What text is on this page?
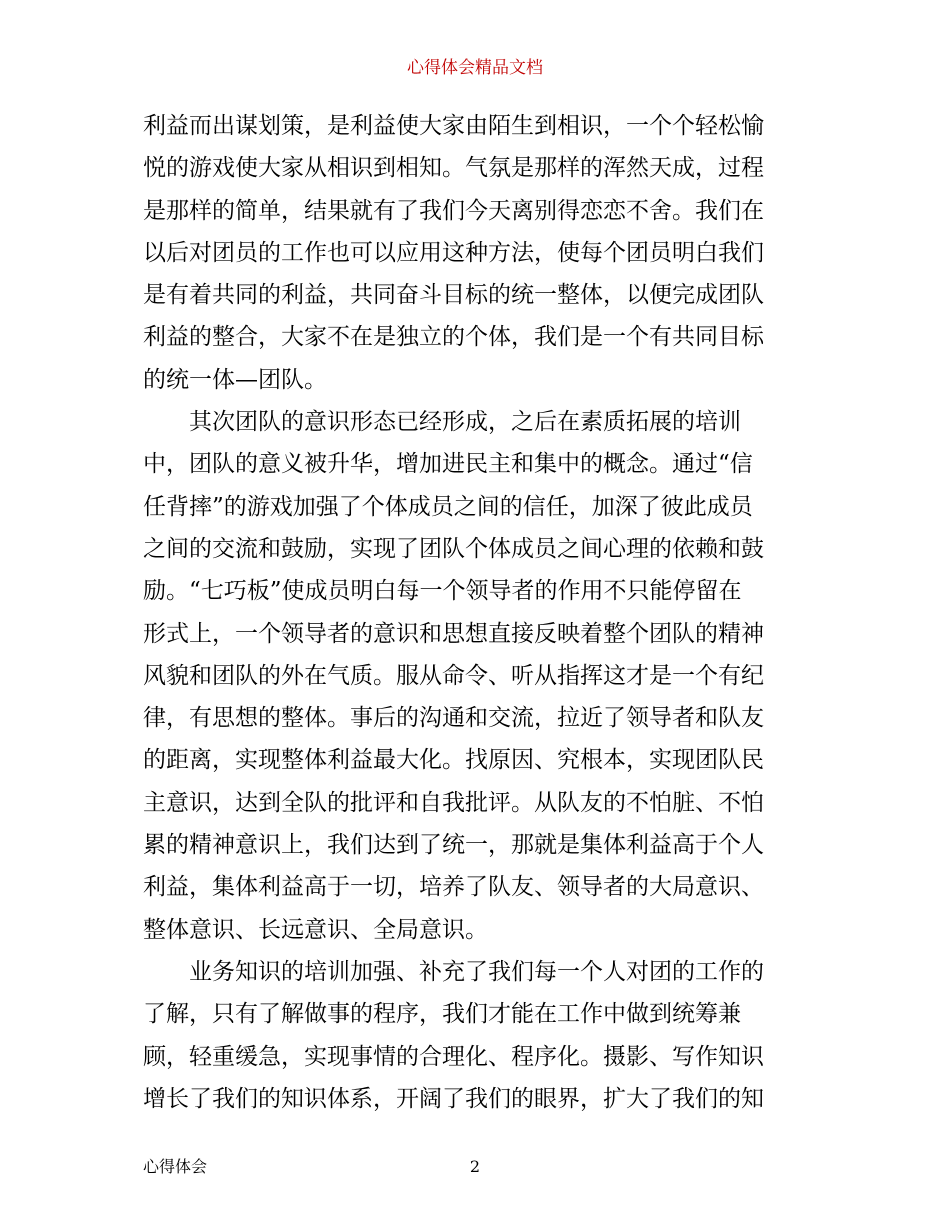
心得体会精品文档
利益而出谋划策，是利益使大家由陌生到相识，一个个轻松愉
悦的游戏使大家从相识到相知。气氛是那样的浑然天成，过程
是那样的简单，结果就有了我们今天离别得恋恋不舍。我们在
以后对团员的工作也可以应用这种方法，使每个团员明白我们
是有着共同的利益，共同奋斗目标的统一整体，以便完成团队
利益的整合，大家不在是独立的个体，我们是一个有共同目标
的统一体—团队。
其次团队的意识形态已经形成，之后在素质拓展的培训
中，团队的意义被升华，增加进民主和集中的概念。通过“信
任背摔”的游戏加强了个体成员之间的信任，加深了彼此成员
之间的交流和鼓励，实现了团队个体成员之间心理的依赖和鼓
励。“七巧板”使成员明白每一个领导者的作用不只能停留在
形式上，一个领导者的意识和思想直接反映着整个团队的精神
风貌和团队的外在气质。服从命令、听从指挥这才是一个有纪
律，有思想的整体。事后的沟通和交流，拉近了领导者和队友
的距离，实现整体利益最大化。找原因、究根本，实现团队民
主意识，达到全队的批评和自我批评。从队友的不怕脏、不怕
累的精神意识上，我们达到了统一，那就是集体利益高于个人
利益，集体利益高于一切，培养了队友、领导者的大局意识、
整体意识、长远意识、全局意识。
业务知识的培训加强、补充了我们每一个人对团的工作的
了解，只有了解做事的程序，我们才能在工作中做到统筹兼
顾，轻重缓急，实现事情的合理化、程序化。摄影、写作知识
增长了我们的知识体系，开阔了我们的眼界，扩大了我们的知
心得体会	2
